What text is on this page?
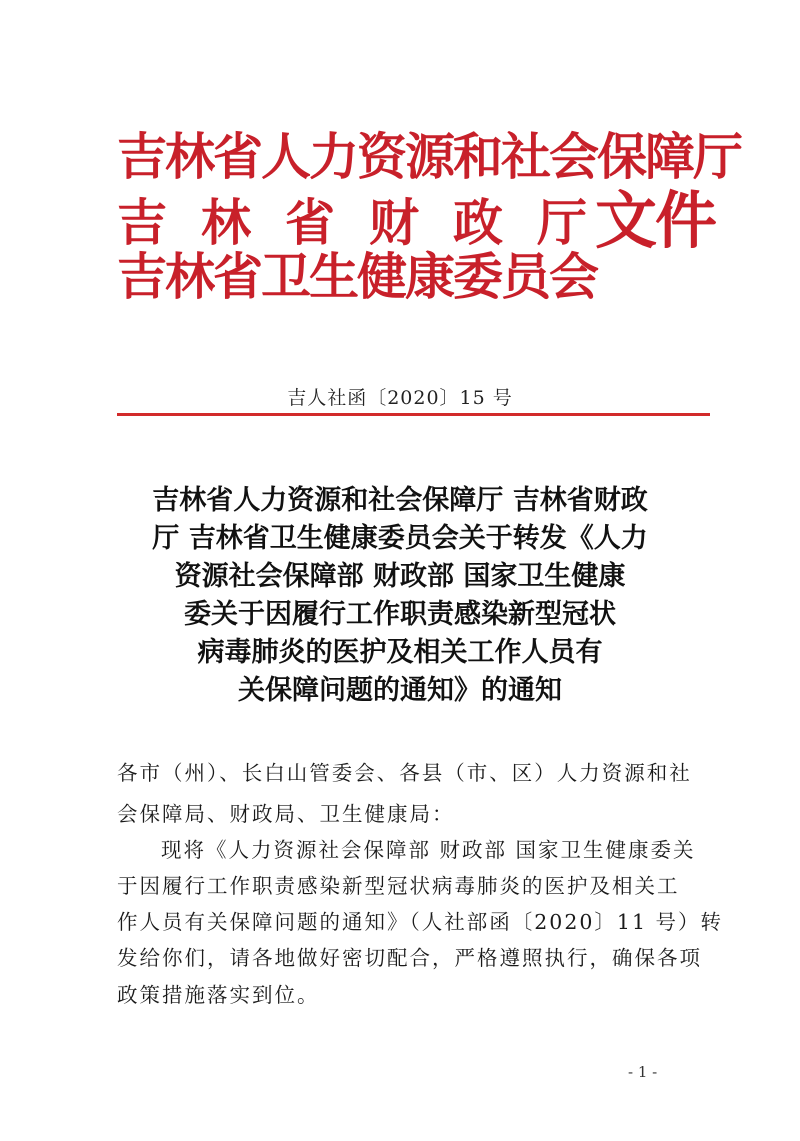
吉林省人力资源和社会保障厅
吉 林 省 财 政 厅
吉林省卫生健康委员会
文件
吉人社函〔2020〕15 号
吉林省人力资源和社会保障厅 吉林省财政
厅 吉林省卫生健康委员会关于转发《人力
资源社会保障部 财政部 国家卫生健康
委关于因履行工作职责感染新型冠状
病毒肺炎的医护及相关工作人员有
关保障问题的通知》的通知
各市（州）、长白山管委会、各县（市、区）人力资源和社
会保障局、财政局、卫生健康局：
现将《人力资源社会保障部 财政部 国家卫生健康委关
于因履行工作职责感染新型冠状病毒肺炎的医护及相关工
作人员有关保障问题的通知》（人社部函〔2020〕11 号）转
发给你们，请各地做好密切配合，严格遵照执行，确保各项
政策措施落实到位。
- 1 -
